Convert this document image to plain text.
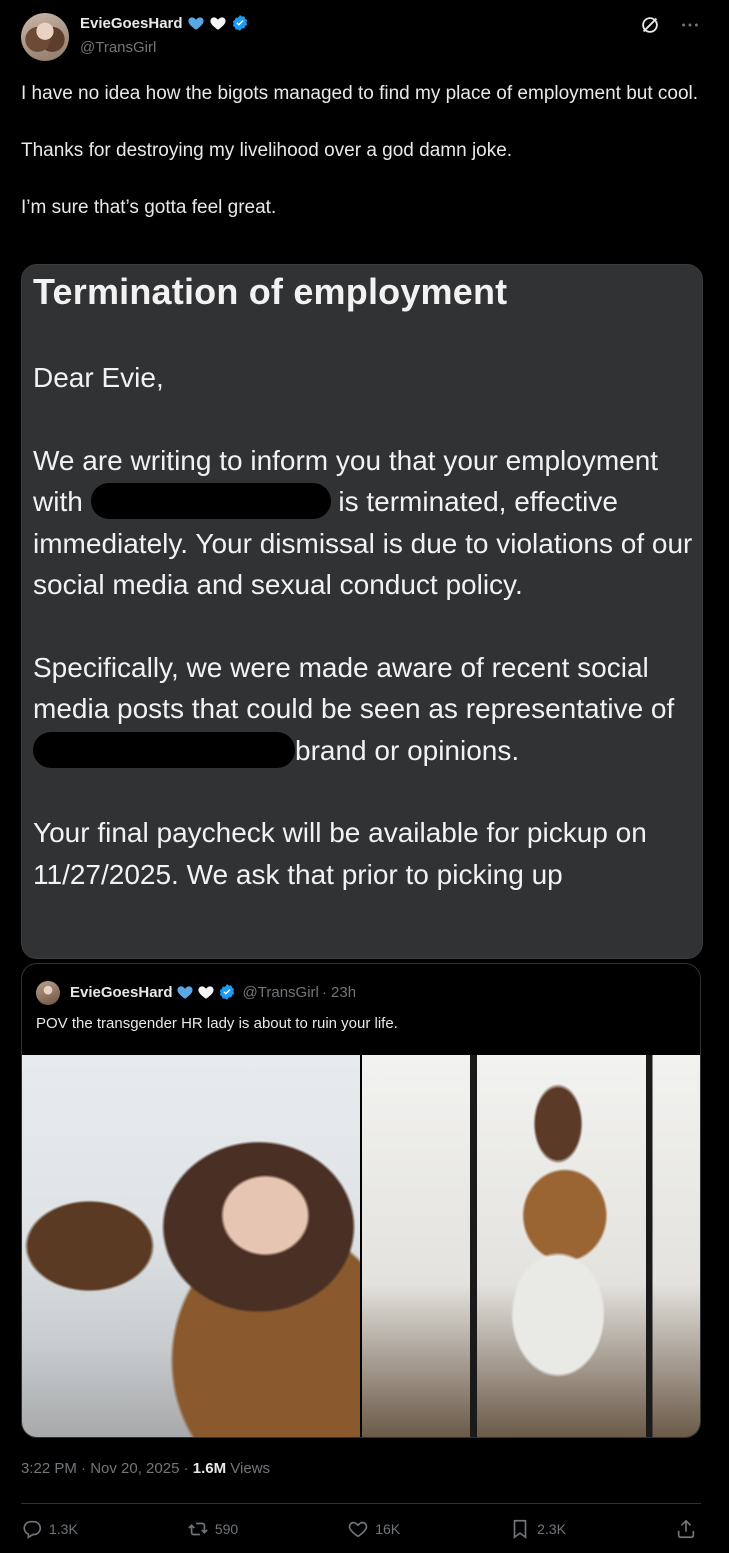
EvieGoesHard
@TransGirl

I have no idea how the bigots managed to find my place of employment but cool.

Thanks for destroying my livelihood over a god damn joke.

I’m sure that’s gotta feel great.

Termination of employment

Dear Evie,

We are writing to inform you that your employment with	is terminated, effective immediately. Your dismissal is due to violations of our social media and sexual conduct policy.

Specifically, we were made aware of recent social media posts that could be seen as representative ofbrand or opinions.

Your final paycheck will be available for pickup on 11/27/2025. We ask that prior to picking up

EvieGoesHard	@TransGirl · 23h
POV the transgender HR lady is about to ruin your life.
3:22 PM · Nov 20, 2025 · 1.6M Views
1.3K	590	16K	2.3K
